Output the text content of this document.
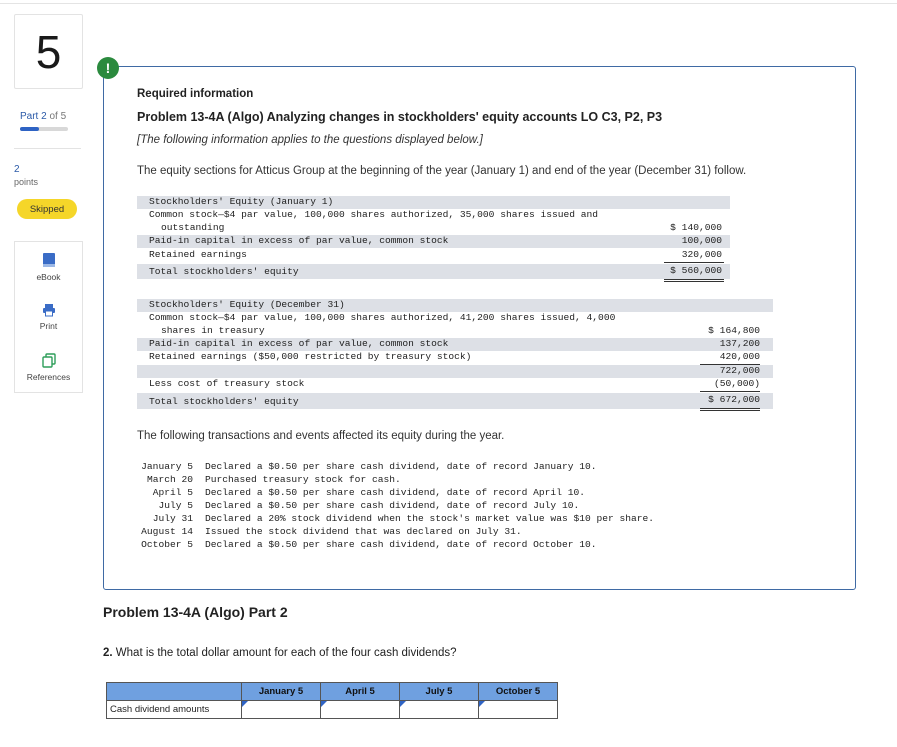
5
Part 2 of 5
2
points
Skipped
eBook
Print
References
!
Required information
Problem 13-4A (Algo) Analyzing changes in stockholders' equity accounts LO C3, P2, P3
[The following information applies to the questions displayed below.]
The equity sections for Atticus Group at the beginning of the year (January 1) and end of the year (December 31) follow.
Stockholders' Equity (January 1)
Common stock—$4 par value, 100,000 shares authorized, 35,000 shares issued and
outstanding	$ 140,000
Paid-in capital in excess of par value, common stock	100,000
Retained earnings	320,000
Total stockholders' equity	$ 560,000
Stockholders' Equity (December 31)
Common stock—$4 par value, 100,000 shares authorized, 41,200 shares issued, 4,000
shares in treasury	$ 164,800
Paid-in capital in excess of par value, common stock	137,200
Retained earnings ($50,000 restricted by treasury stock)	420,000
722,000
Less cost of treasury stock	(50,000)
Total stockholders' equity	$ 672,000
The following transactions and events affected its equity during the year.
January 5 Declared a $0.50 per share cash dividend, date of record January 10.
March 20 Purchased treasury stock for cash.
April 5 Declared a $0.50 per share cash dividend, date of record April 10.
July 5 Declared a $0.50 per share cash dividend, date of record July 10.
July 31 Declared a 20% stock dividend when the stock's market value was $10 per share.
August 14 Issued the stock dividend that was declared on July 31.
October 5 Declared a $0.50 per share cash dividend, date of record October 10.
Problem 13-4A (Algo) Part 2
2. What is the total dollar amount for each of the four cash dividends?
	January 5	April 5	July 5	October 5
Cash dividend amounts	
